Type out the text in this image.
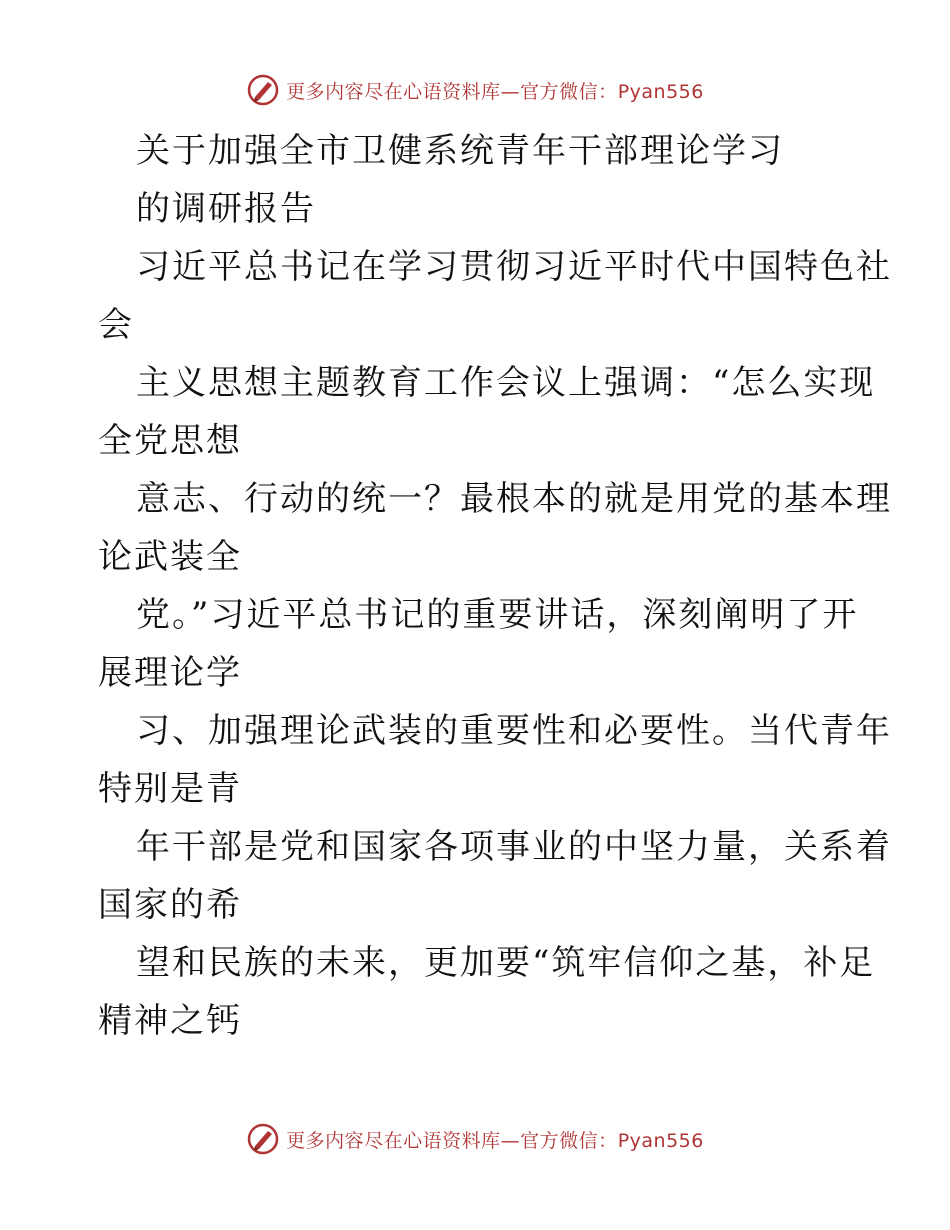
更多内容尽在心语资料库—官方微信：Pyan556
关于加强全市卫健系统青年干部理论学习
的调研报告
习近平总书记在学习贯彻习近平时代中国特色社
会
主义思想主题教育工作会议上强调：“怎么实现
全党思想
意志、行动的统一？最根本的就是用党的基本理
论武装全
党。”习近平总书记的重要讲话，深刻阐明了开
展理论学
习、加强理论武装的重要性和必要性。当代青年
特别是青
年干部是党和国家各项事业的中坚力量，关系着
国家的希
望和民族的未来，更加要“筑牢信仰之基，补足
精神之钙
更多内容尽在心语资料库—官方微信：Pyan556
